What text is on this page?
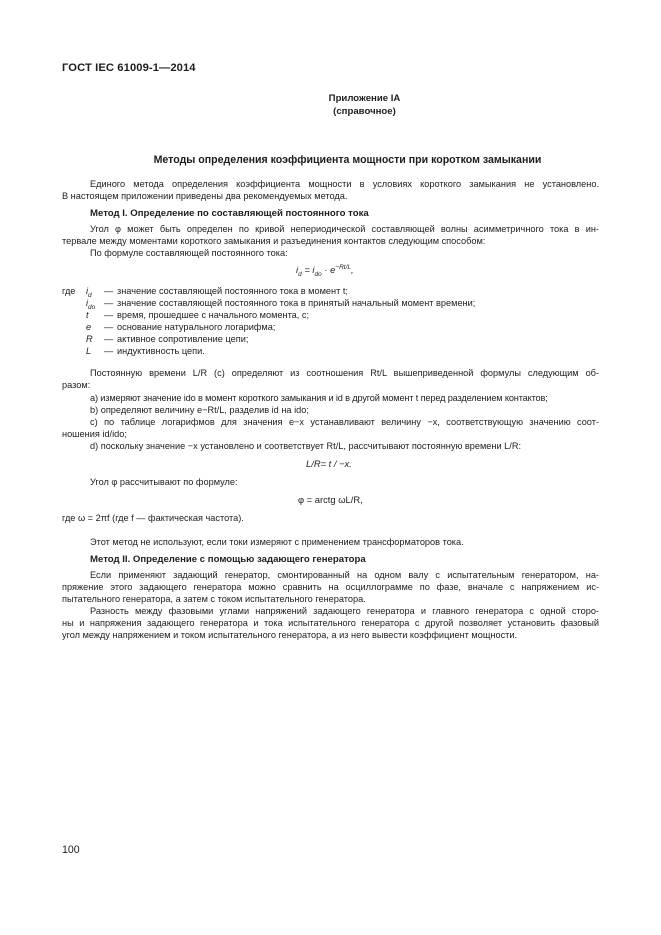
ГОСТ IEC 61009-1—2014
Приложение IA
(справочное)
Методы определения коэффициента мощности при коротком замыкании
Единого метода определения коэффициента мощности в условиях короткого замыкания не установлено.
В настоящем приложении приведены два рекомендуемых метода.
Метод I. Определение по составляющей постоянного тока
Угол φ может быть определен по кривой непериодической составляющей волны асимметричного тока в ин-
тервале между моментами короткого замыкания и разъединения контактов следующим способом:
По формуле составляющей постоянного тока:
$i_d = i_{do} \cdot e^{-Rt/L}$,
где $i_d$ — значение составляющей постоянного тока в момент t;
$i_{do}$ — значение составляющей постоянного тока в принятый начальный момент времени;
t — время, прошедшее с начального момента, с;
e — основание натурального логарифма;
R — активное сопротивление цепи;
L — индуктивность цепи.
Постоянную времени L/R (с) определяют из соотношения Rt/L вышеприведенной формулы следующим об-
разом:
а) измеряют значение ido в момент короткого замыкания и id в другой момент t перед разделением контактов;
b) определяют величину e−Rt/L, разделив id на ido;
c) по таблице логарифмов для значения e−x устанавливают величину −x, соответствующую значению соот-
ношения id/ido;
d) поскольку значение −x установлено и соответствует Rt/L, рассчитывают постоянную времени L/R:
L/R= t / −x.
Угол φ рассчитывают по формуле:
φ = arctg ωL/R,
где ω = 2πf (где f — фактическая частота).
Этот метод не используют, если токи измеряют с применением трансформаторов тока.
Метод II. Определение с помощью задающего генератора
Если применяют задающий генератор, смонтированный на одном валу с испытательным генератором, на-
пряжение этого задающего генератора можно сравнить на осциллограмме по фазе, вначале с напряжением ис-
пытательного генератора, а затем с током испытательного генератора.
Разность между фазовыми углами напряжений задающего генератора и главного генератора с одной сторо-
ны и напряжения задающего генератора и тока испытательного генератора с другой позволяет установить фазовый
угол между напряжением и током испытательного генератора, а из него вывести коэффициент мощности.
100
